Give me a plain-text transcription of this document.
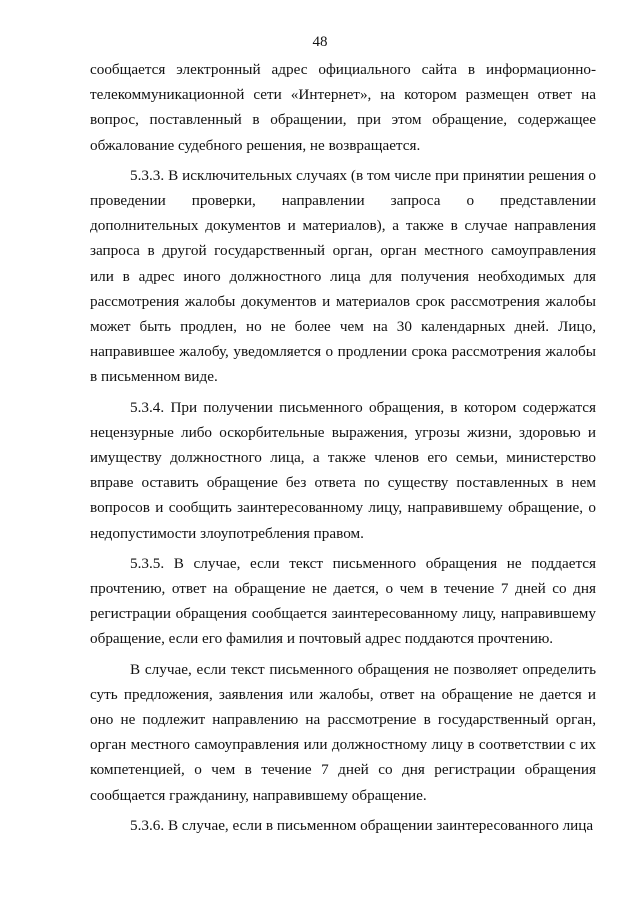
48

сообщается электронный адрес официального сайта в информационно-телекоммуникационной сети «Интернет», на котором размещен ответ на вопрос, поставленный в обращении, при этом обращение, содержащее обжалование судебного решения, не возвращается.

5.3.3. В исключительных случаях (в том числе при принятии решения о проведении проверки, направлении запроса о представлении дополнительных документов и материалов), а также в случае направления запроса в другой государственный орган, орган местного самоуправления или в адрес иного должностного лица для получения необходимых для рассмотрения жалобы документов и материалов срок рассмотрения жалобы может быть продлен, но не более чем на 30 календарных дней. Лицо, направившее жалобу, уведомляется о продлении срока рассмотрения жалобы в письменном виде.

5.3.4. При получении письменного обращения, в котором содержатся нецензурные либо оскорбительные выражения, угрозы жизни, здоровью и имуществу должностного лица, а также членов его семьи, министерство вправе оставить обращение без ответа по существу поставленных в нем вопросов и сообщить заинтересованному лицу, направившему обращение, о недопустимости злоупотребления правом.

5.3.5. В случае, если текст письменного обращения не поддается прочтению, ответ на обращение не дается, о чем в течение 7 дней со дня регистрации обращения сообщается заинтересованному лицу, направившему обращение, если его фамилия и почтовый адрес поддаются прочтению.

В случае, если текст письменного обращения не позволяет определить суть предложения, заявления или жалобы, ответ на обращение не дается и оно не подлежит направлению на рассмотрение в государственный орган, орган местного самоуправления или должностному лицу в соответствии с их компетенцией, о чем в течение 7 дней со дня регистрации обращения сообщается гражданину, направившему обращение.

5.3.6. В случае, если в письменном обращении заинтересованного лица
